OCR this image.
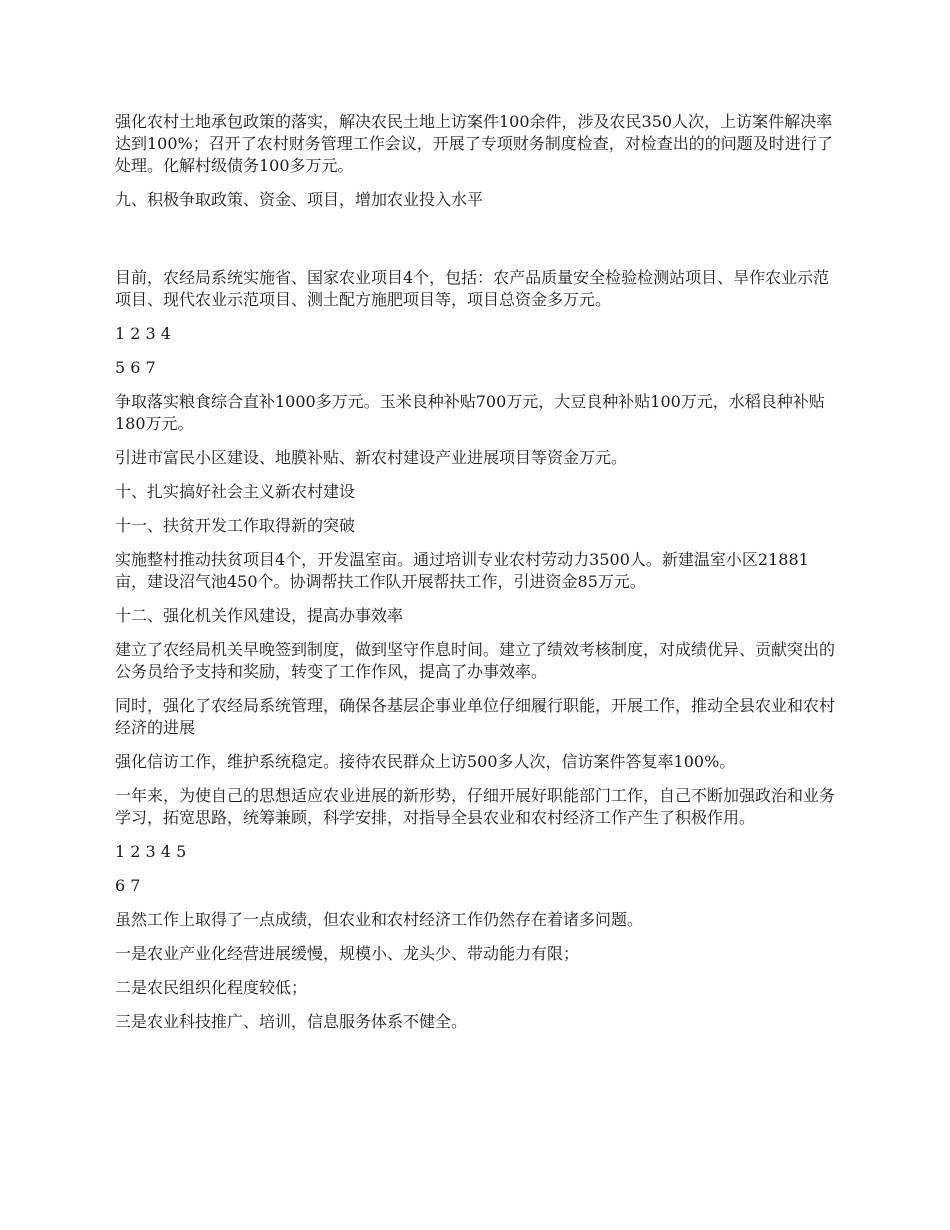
强化农村土地承包政策的落实，解决农民土地上访案件100余件，涉及农民350人次，上访案件解决率达到100%；召开了农村财务管理工作会议，开展了专项财务制度检查，对检查出的的问题及时进行了处理。化解村级债务100多万元。

九、积极争取政策、资金、项目，增加农业投入水平

目前，农经局系统实施省、国家农业项目4个，包括：农产品质量安全检验检测站项目、旱作农业示范项目、现代农业示范项目、测土配方施肥项目等，项目总资金多万元。

1 2 3 4

5 6 7

争取落实粮食综合直补1000多万元。玉米良种补贴700万元，大豆良种补贴100万元，水稻良种补贴180万元。

引进市富民小区建设、地膜补贴、新农村建设产业进展项目等资金万元。

十、扎实搞好社会主义新农村建设

十一、扶贫开发工作取得新的突破

实施整村推动扶贫项目4个，开发温室亩。通过培训专业农村劳动力3500人。新建温室小区21881亩，建设沼气池450个。协调帮扶工作队开展帮扶工作，引进资金85万元。

十二、强化机关作风建设，提高办事效率

建立了农经局机关早晚签到制度，做到坚守作息时间。建立了绩效考核制度，对成绩优异、贡献突出的公务员给予支持和奖励，转变了工作作风，提高了办事效率。

同时，强化了农经局系统管理，确保各基层企事业单位仔细履行职能，开展工作，推动全县农业和农村经济的进展

强化信访工作，维护系统稳定。接待农民群众上访500多人次，信访案件答复率100%。

一年来，为使自己的思想适应农业进展的新形势，仔细开展好职能部门工作，自己不断加强政治和业务学习，拓宽思路，统筹兼顾，科学安排，对指导全县农业和农村经济工作产生了积极作用。

1 2 3 4 5

6 7

虽然工作上取得了一点成绩，但农业和农村经济工作仍然存在着诸多问题。

一是农业产业化经营进展缓慢，规模小、龙头少、带动能力有限；

二是农民组织化程度较低；

三是农业科技推广、培训，信息服务体系不健全。
